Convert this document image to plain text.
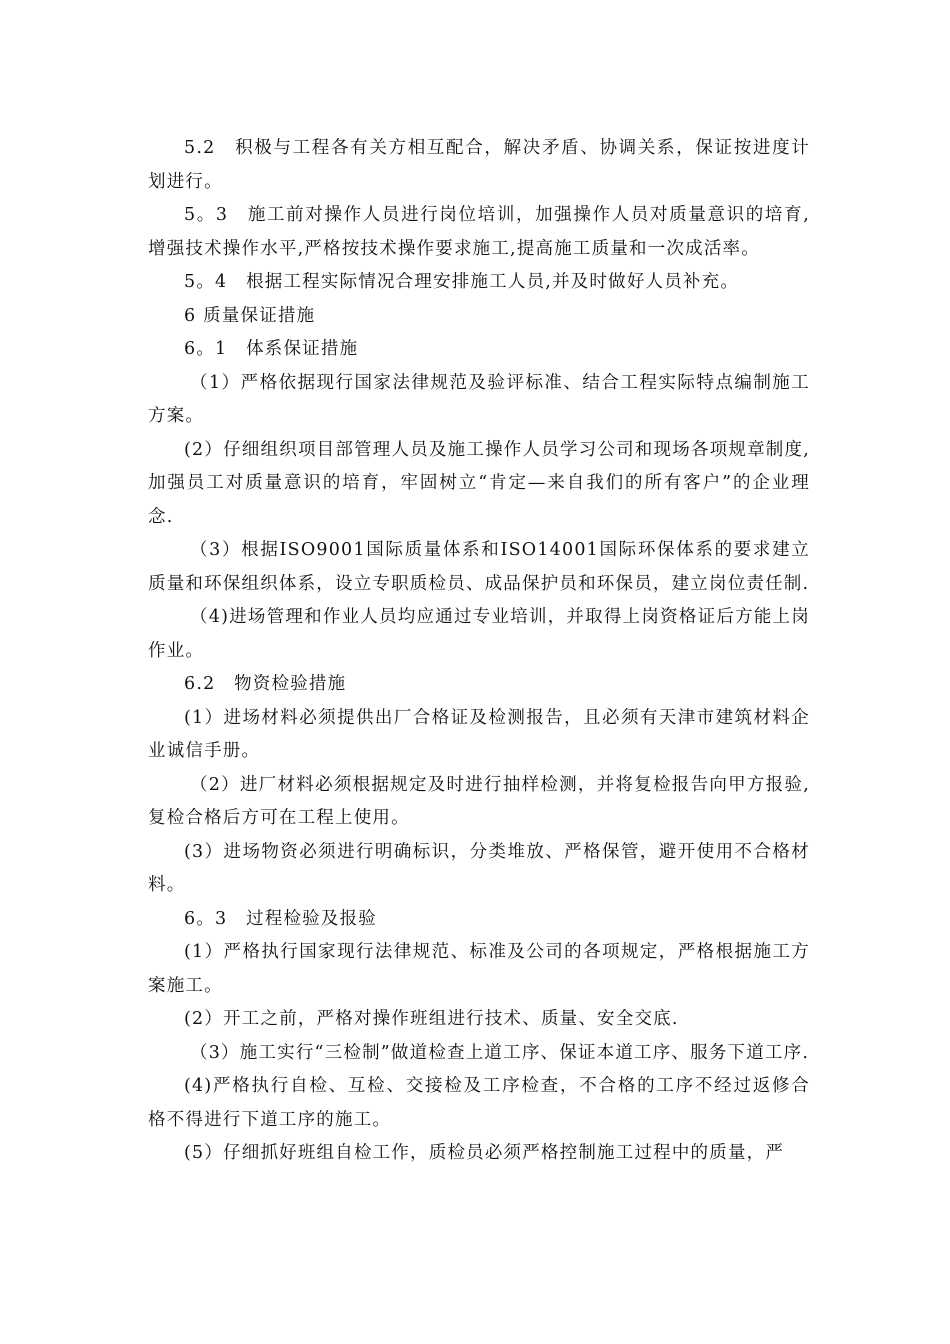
5.2　积极与工程各有关方相互配合，解决矛盾、协调关系，保证按进度计划进行。

5。3　施工前对操作人员进行岗位培训，加强操作人员对质量意识的培育,增强技术操作水平,严格按技术操作要求施工,提高施工质量和一次成活率。

5。4　根据工程实际情况合理安排施工人员,并及时做好人员补充。

6 质量保证措施

6。1　体系保证措施

（1）严格依据现行国家法律规范及验评标准、结合工程实际特点编制施工方案。

(2）仔细组织项目部管理人员及施工操作人员学习公司和现场各项规章制度,加强员工对质量意识的培育，牢固树立“肯定—来自我们的所有客户”的企业理念.

（3）根据ISO9001国际质量体系和ISO14001国际环保体系的要求建立质量和环保组织体系，设立专职质检员、成品保护员和环保员，建立岗位责任制.

（4)进场管理和作业人员均应通过专业培训，并取得上岗资格证后方能上岗作业。

6.2　物资检验措施

(1）进场材料必须提供出厂合格证及检测报告，且必须有天津市建筑材料企业诚信手册。

（2）进厂材料必须根据规定及时进行抽样检测，并将复检报告向甲方报验,复检合格后方可在工程上使用。

(3）进场物资必须进行明确标识，分类堆放、严格保管，避开使用不合格材料。

6。3　过程检验及报验

(1）严格执行国家现行法律规范、标准及公司的各项规定，严格根据施工方案施工。

(2）开工之前，严格对操作班组进行技术、质量、安全交底.

（3）施工实行“三检制”做道检查上道工序、保证本道工序、服务下道工序.

(4)严格执行自检、互检、交接检及工序检查，不合格的工序不经过返修合格不得进行下道工序的施工。

(5）仔细抓好班组自检工作，质检员必须严格控制施工过程中的质量，严
